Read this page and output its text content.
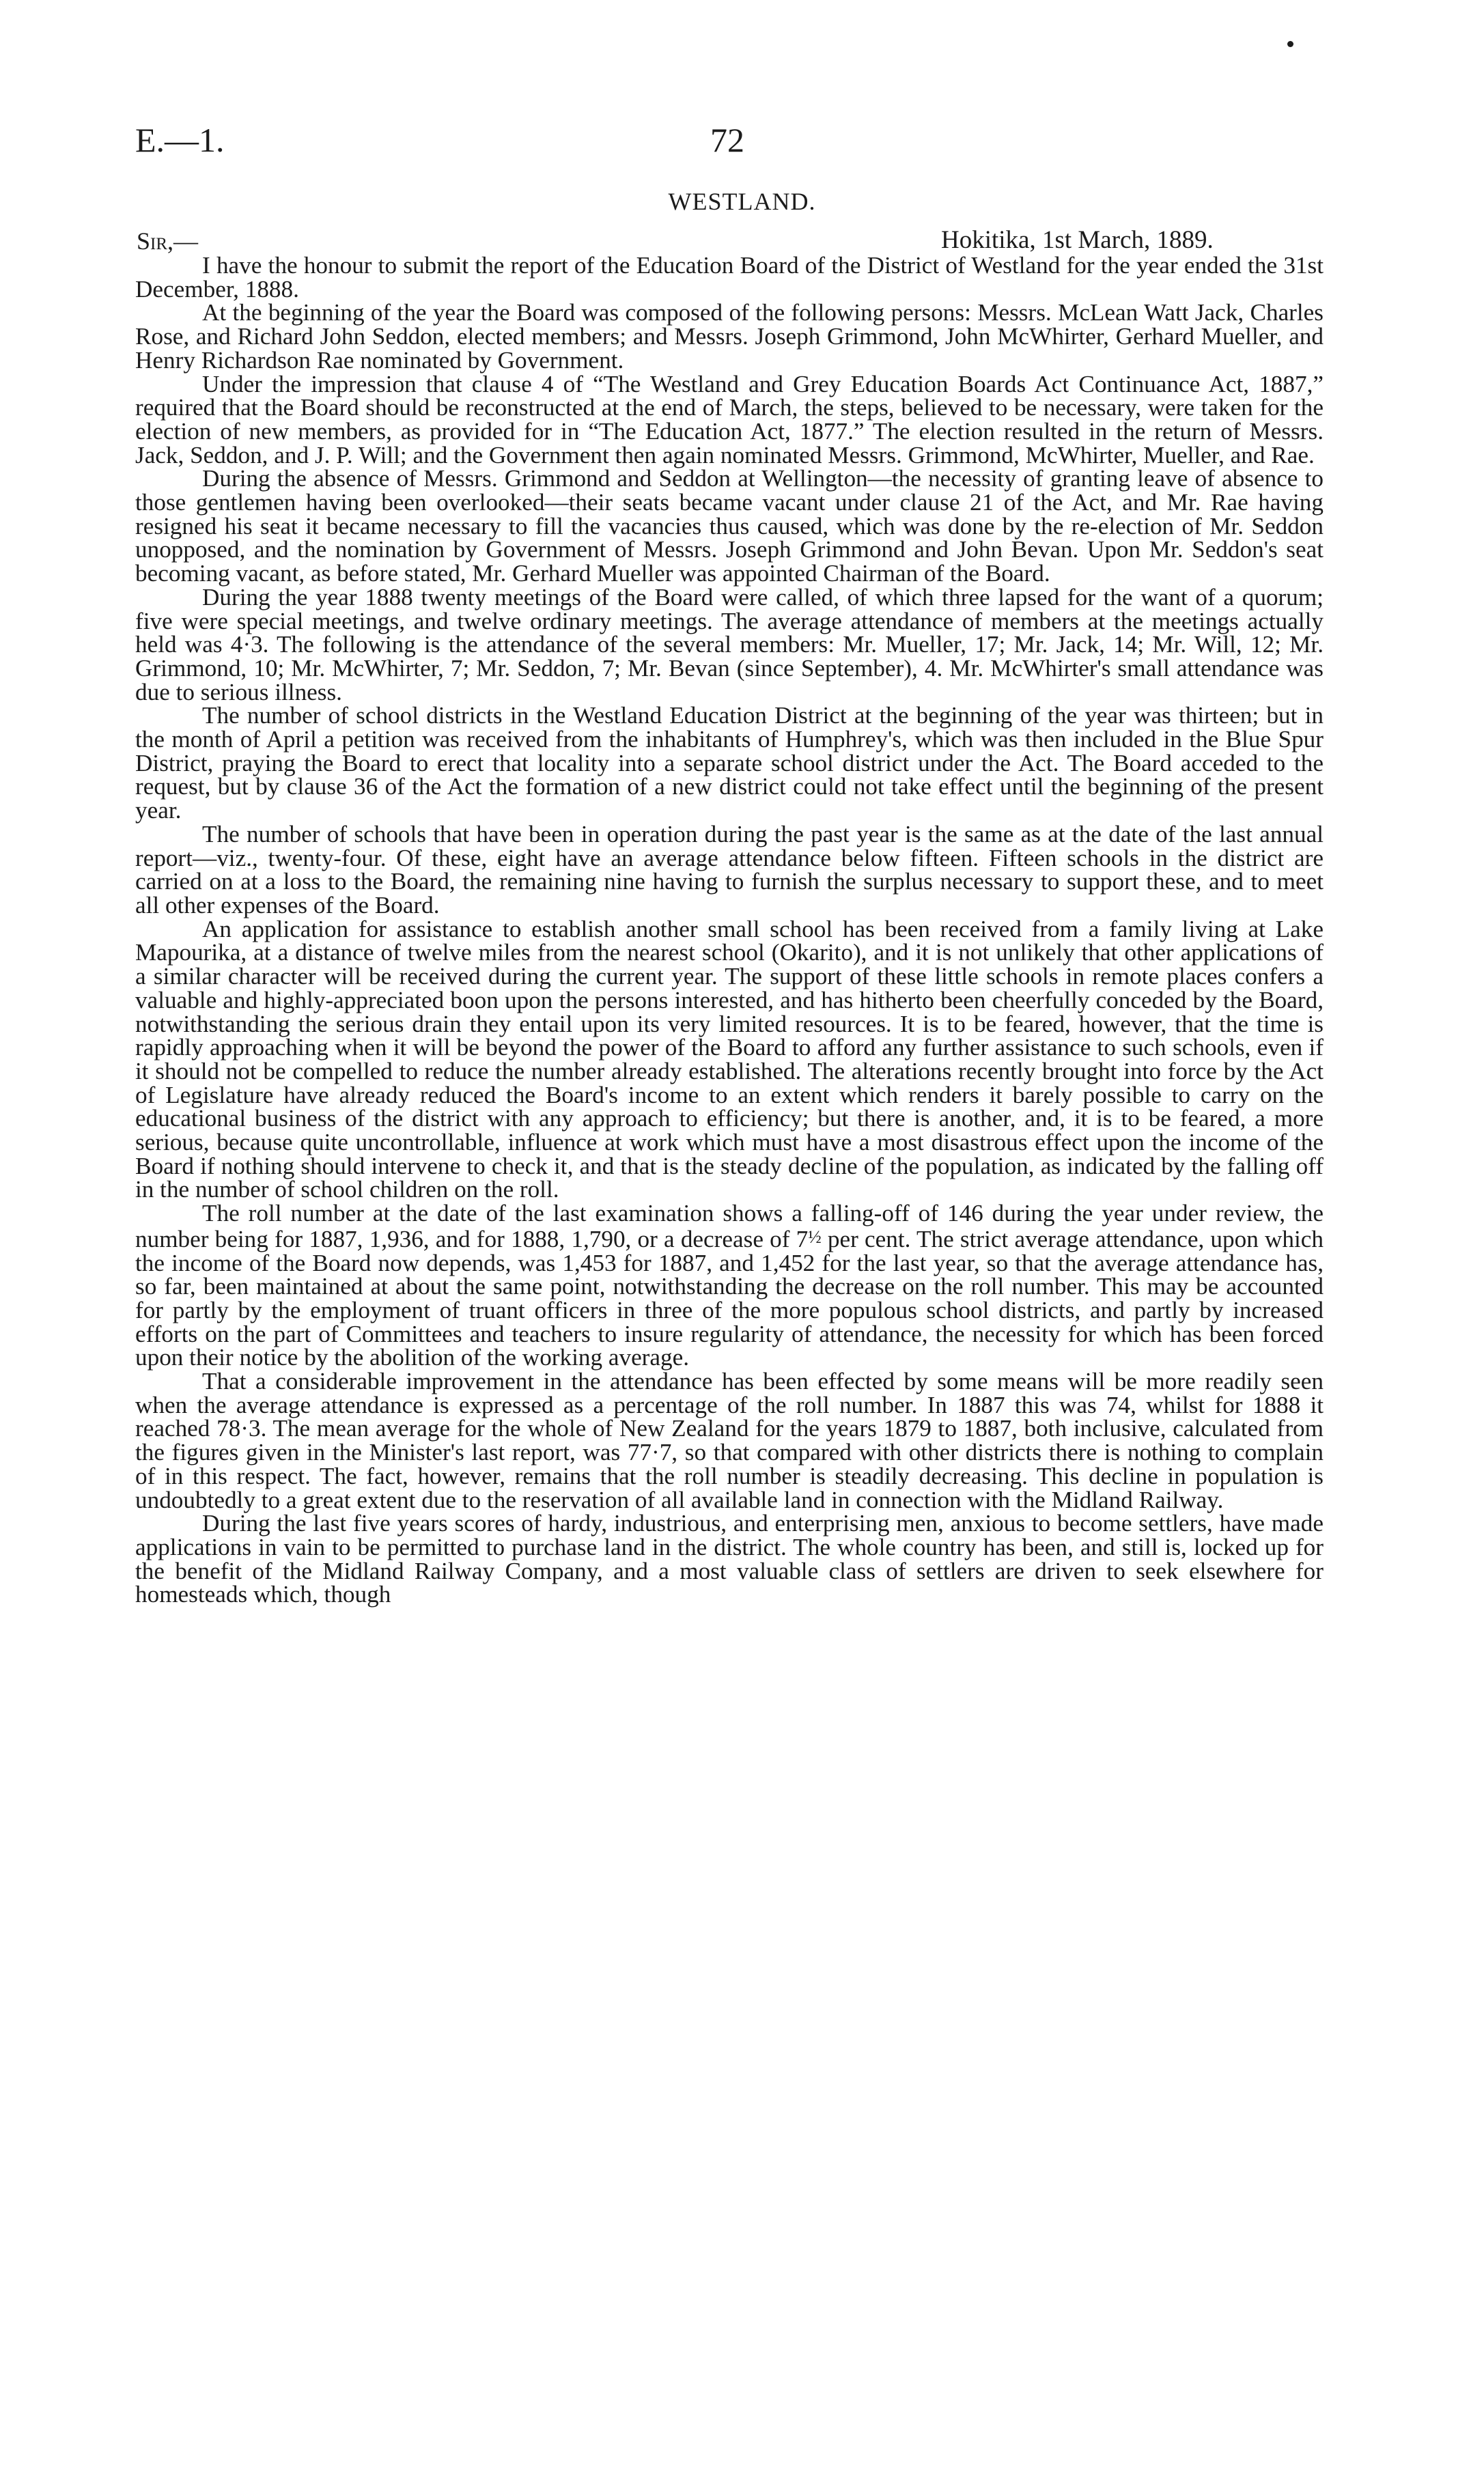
E.—1.	72
WESTLAND.
Sir,—	Hokitika, 1st March, 1889.

I have the honour to submit the report of the Education Board of the District of Westland for the year ended the 31st December, 1888.

At the beginning of the year the Board was composed of the following persons: Messrs. McLean Watt Jack, Charles Rose, and Richard John Seddon, elected members; and Messrs. Joseph Grimmond, John McWhirter, Gerhard Mueller, and Henry Richardson Rae nominated by Government.

Under the impression that clause 4 of “The Westland and Grey Education Boards Act Continuance Act, 1887,” required that the Board should be reconstructed at the end of March, the steps, believed to be necessary, were taken for the election of new members, as provided for in “The Education Act, 1877.” The election resulted in the return of Messrs. Jack, Seddon, and J. P. Will; and the Government then again nominated Messrs. Grimmond, McWhirter, Mueller, and Rae.

During the absence of Messrs. Grimmond and Seddon at Wellington—the necessity of granting leave of absence to those gentlemen having been overlooked—their seats became vacant under clause 21 of the Act, and Mr. Rae having resigned his seat it became necessary to fill the vacancies thus caused, which was done by the re-election of Mr. Seddon unopposed, and the nomination by Government of Messrs. Joseph Grimmond and John Bevan. Upon Mr. Seddon's seat becoming vacant, as before stated, Mr. Gerhard Mueller was appointed Chairman of the Board.

During the year 1888 twenty meetings of the Board were called, of which three lapsed for the want of a quorum; five were special meetings, and twelve ordinary meetings. The average attendance of members at the meetings actually held was 4·3. The following is the attendance of the several members: Mr. Mueller, 17; Mr. Jack, 14; Mr. Will, 12; Mr. Grimmond, 10; Mr. McWhirter, 7; Mr. Seddon, 7; Mr. Bevan (since September), 4. Mr. McWhirter's small attendance was due to serious illness.

The number of school districts in the Westland Education District at the beginning of the year was thirteen; but in the month of April a petition was received from the inhabitants of Humphrey's, which was then included in the Blue Spur District, praying the Board to erect that locality into a separate school district under the Act. The Board acceded to the request, but by clause 36 of the Act the formation of a new district could not take effect until the beginning of the present year.

The number of schools that have been in operation during the past year is the same as at the date of the last annual report—viz., twenty-four. Of these, eight have an average attendance below fifteen. Fifteen schools in the district are carried on at a loss to the Board, the remaining nine having to furnish the surplus necessary to support these, and to meet all other expenses of the Board.

An application for assistance to establish another small school has been received from a family living at Lake Mapourika, at a distance of twelve miles from the nearest school (Okarito), and it is not unlikely that other applications of a similar character will be received during the current year. The support of these little schools in remote places confers a valuable and highly-appreciated boon upon the persons interested, and has hitherto been cheerfully conceded by the Board, notwithstanding the serious drain they entail upon its very limited resources. It is to be feared, however, that the time is rapidly approaching when it will be beyond the power of the Board to afford any further assistance to such schools, even if it should not be compelled to reduce the number already established. The alterations recently brought into force by the Act of Legislature have already reduced the Board's income to an extent which renders it barely possible to carry on the educational business of the district with any approach to efficiency; but there is another, and, it is to be feared, a more serious, because quite uncontrollable, influence at work which must have a most disastrous effect upon the income of the Board if nothing should intervene to check it, and that is the steady decline of the population, as indicated by the falling off in the number of school children on the roll.

The roll number at the date of the last examination shows a falling-off of 146 during the year under review, the number being for 1887, 1,936, and for 1888, 1,790, or a decrease of 7½ per cent. The strict average attendance, upon which the income of the Board now depends, was 1,453 for 1887, and 1,452 for the last year, so that the average attendance has, so far, been maintained at about the same point, notwithstanding the decrease on the roll number. This may be accounted for partly by the employment of truant officers in three of the more populous school districts, and partly by increased efforts on the part of Committees and teachers to insure regularity of attendance, the necessity for which has been forced upon their notice by the abolition of the working average.

That a considerable improvement in the attendance has been effected by some means will be more readily seen when the average attendance is expressed as a percentage of the roll number. In 1887 this was 74, whilst for 1888 it reached 78·3. The mean average for the whole of New Zealand for the years 1879 to 1887, both inclusive, calculated from the figures given in the Minister's last report, was 77·7, so that compared with other districts there is nothing to complain of in this respect. The fact, however, remains that the roll number is steadily decreasing. This decline in population is undoubtedly to a great extent due to the reservation of all available land in connection with the Midland Railway.

During the last five years scores of hardy, industrious, and enterprising men, anxious to become settlers, have made applications in vain to be permitted to purchase land in the district. The whole country has been, and still is, locked up for the benefit of the Midland Railway Company, and a most valuable class of settlers are driven to seek elsewhere for homesteads which, though
